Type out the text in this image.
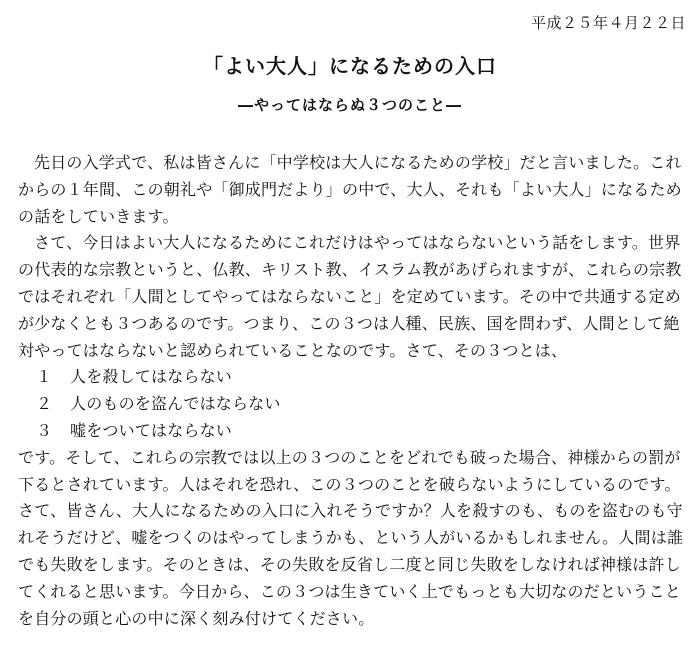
平成２５年４月２２日
「よい大人」になるための入口
―やってはならぬ３つのこと―

先日の入学式で、私は皆さんに「中学校は大人になるための学校」だと言いました。これからの１年間、この朝礼や「御成門だより」の中で、大人、それも「よい大人」になるための話をしていきます。

さて、今日はよい大人になるためにこれだけはやってはならないという話をします。世界の代表的な宗教というと、仏教、キリスト教、イスラム教があげられますが、これらの宗教ではそれぞれ「人間としてやってはならないこと」を定めています。その中で共通する定めが少なくとも３つあるのです。つまり、この３つは人種、民族、国を問わず、人間として絶対やってはならないと認められていることなのです。さて、その３つとは、

１	人を殺してはならない
２	人のものを盗んではならない
３	嘘をついてはならない

です。そして、これらの宗教では以上の３つのことをどれでも破った場合、神様からの罰が下るとされています。人はそれを恐れ、この３つのことを破らないようにしているのです。さて、皆さん、大人になるための入口に入れそうですか？人を殺すのも、ものを盗むのも守れそうだけど、嘘をつくのはやってしまうかも、という人がいるかもしれません。人間は誰でも失敗をします。そのときは、その失敗を反省し二度と同じ失敗をしなければ神様は許してくれると思います。今日から、この３つは生きていく上でもっとも大切なのだということを自分の頭と心の中に深く刻み付けてください。
